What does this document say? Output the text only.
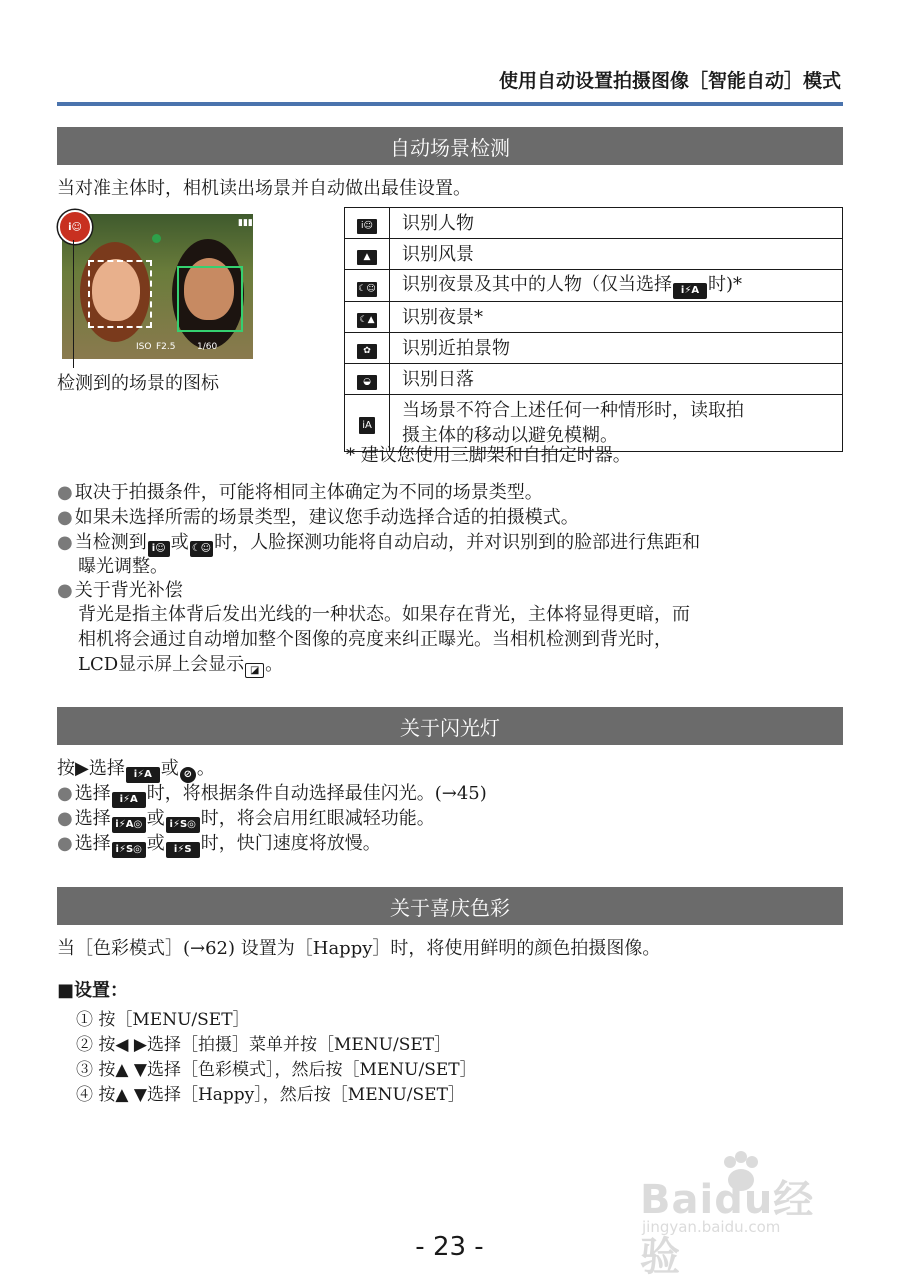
使用自动设置拍摄图像［智能自动］模式
自动场景检测
当对准主体时，相机读出场景并自动做出最佳设置。
▮▮▮
ISO F2.5 1/60
i☺
检测到的场景的图标
i☺	识别人物
▲	识别风景
☾☺	识别夜景及其中的人物（仅当选择 i⚡A 时)*
☾▲	识别夜景*
✿	识别近拍景物
◒	识别日落
iA	当场景不符合上述任何一种情形时，读取拍
摄主体的移动以避免模糊。
* 建议您使用三脚架和自拍定时器。
● 取决于拍摄条件，可能将相同主体确定为不同的场景类型。
● 如果未选择所需的场景类型，建议您手动选择合适的拍摄模式。
● 当检测到 i☺ 或 ☾☺ 时，人脸探测功能将自动启动，并对识别到的脸部进行焦距和
曝光调整。
● 关于背光补偿
背光是指主体背后发出光线的一种状态。如果存在背光，主体将显得更暗，而
相机将会通过自动增加整个图像的亮度来纠正曝光。当相机检测到背光时，
LCD显示屏上会显示 ◪ 。
关于闪光灯
按▶选择 i⚡A 或 ⊘ 。
● 选择 i⚡A 时，将根据条件自动选择最佳闪光。(→45)
● 选择 i⚡A◎ 或 i⚡S◎ 时，将会启用红眼减轻功能。
● 选择 i⚡S◎ 或 i⚡S 时，快门速度将放慢。
关于喜庆色彩
当［色彩模式］(→62) 设置为［Happy］时，将使用鲜明的颜色拍摄图像。
■设置：
① 按［MENU/SET］
② 按◀ ▶选择［拍摄］菜单并按［MENU/SET］
③ 按▲ ▼选择［色彩模式］，然后按［MENU/SET］
④ 按▲ ▼选择［Happy］，然后按［MENU/SET］
Baidu经验
jingyan.baidu.com
- 23 -
